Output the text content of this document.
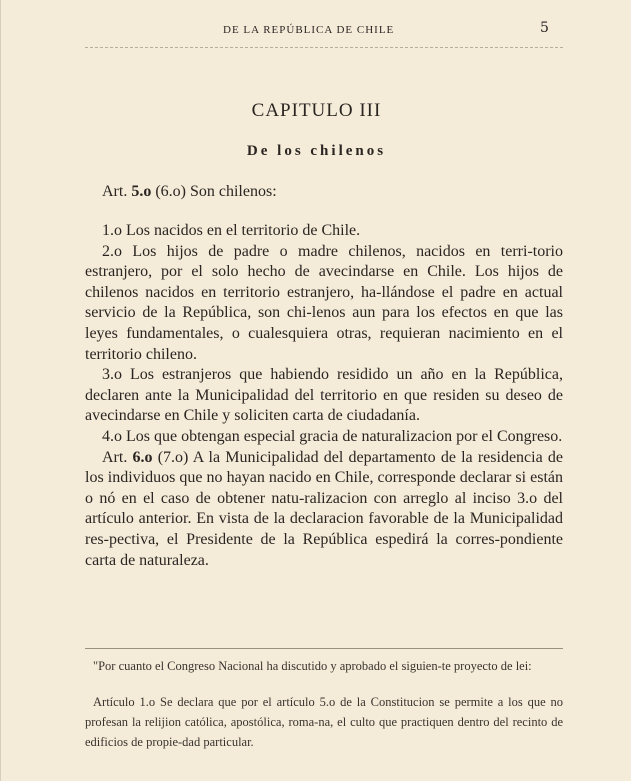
DE LA REPÚBLICA DE CHILE	5
CAPITULO III
De los chilenos
Art. 5.o (6.o) Son chilenos:

1.o Los nacidos en el territorio de Chile.

2.o Los hijos de padre o madre chilenos, nacidos en terri-torio estranjero, por el solo hecho de avecindarse en Chile. Los hijos de chilenos nacidos en territorio estranjero, ha-llándose el padre en actual servicio de la República, son chi-lenos aun para los efectos en que las leyes fundamentales, o cualesquiera otras, requieran nacimiento en el territorio chileno.

3.o Los estranjeros que habiendo residido un año en la República, declaren ante la Municipalidad del territorio en que residen su deseo de avecindarse en Chile y soliciten carta de ciudadanía.

4.o Los que obtengan especial gracia de naturalizacion por el Congreso.

Art. 6.o (7.o) A la Municipalidad del departamento de la residencia de los individuos que no hayan nacido en Chile, corresponde declarar si están o nó en el caso de obtener natu-ralizacion con arreglo al inciso 3.o del artículo anterior. En vista de la declaracion favorable de la Municipalidad res-pectiva, el Presidente de la República espedirá la corres-pondiente carta de naturaleza.

"Por cuanto el Congreso Nacional ha discutido y aprobado el siguien-te proyecto de lei:

Artículo 1.o Se declara que por el artículo 5.o de la Constitucion se permite a los que no profesan la relijion católica, apostólica, roma-na, el culto que practiquen dentro del recinto de edificios de propie-dad particular.
